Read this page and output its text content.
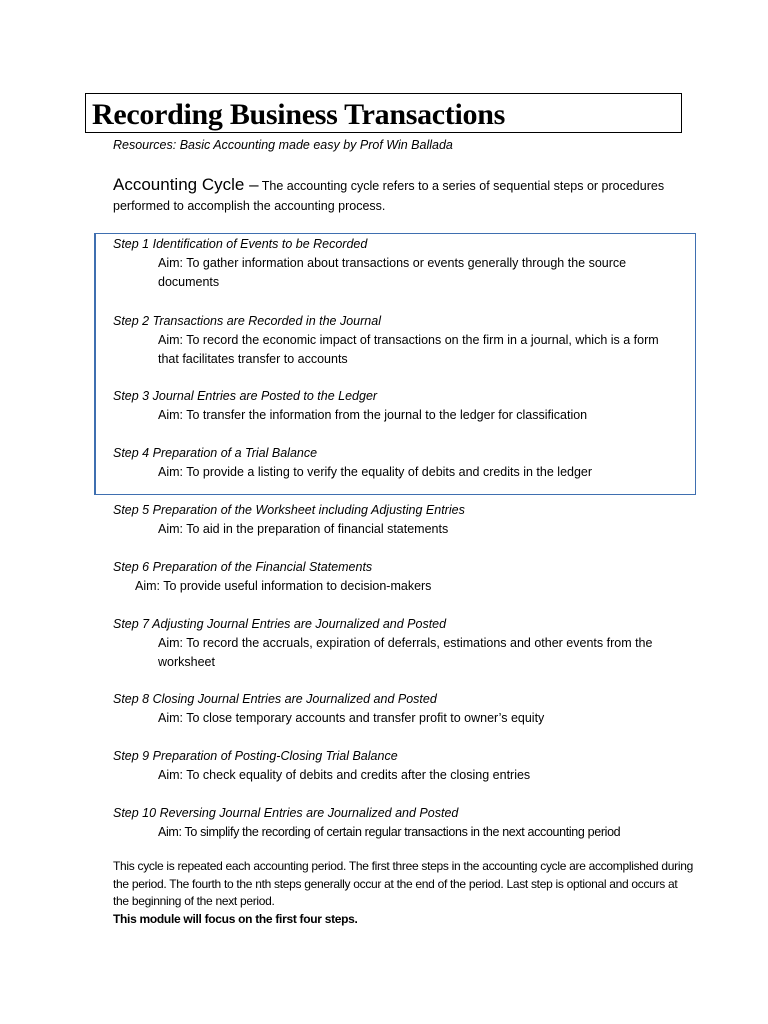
Recording Business Transactions
Resources: Basic Accounting made easy by Prof Win Ballada
Accounting Cycle – The accounting cycle refers to a series of sequential steps or procedures performed to accomplish the accounting process.
Step 1 Identification of Events to be Recorded
Aim: To gather information about transactions or events generally through the source documents
Step 2 Transactions are Recorded in the Journal
Aim: To record the economic impact of transactions on the firm in a journal, which is a form that facilitates transfer to accounts
Step 3 Journal Entries are Posted to the Ledger
Aim: To transfer the information from the journal to the ledger for classification
Step 4 Preparation of a Trial Balance
Aim: To provide a listing to verify the equality of debits and credits in the ledger
Step 5 Preparation of the Worksheet including Adjusting Entries
Aim: To aid in the preparation of financial statements
Step 6 Preparation of the Financial Statements
Aim: To provide useful information to decision-makers
Step 7 Adjusting Journal Entries are Journalized and Posted
Aim: To record the accruals, expiration of deferrals, estimations and other events from the worksheet
Step 8 Closing Journal Entries are Journalized and Posted
Aim: To close temporary accounts and transfer profit to owner’s equity
Step 9 Preparation of Posting-Closing Trial Balance
Aim: To check equality of debits and credits after the closing entries
Step 10 Reversing Journal Entries are Journalized and Posted
Aim: To simplify the recording of certain regular transactions in the next accounting period
This cycle is repeated each accounting period. The first three steps in the accounting cycle are accomplished during the period. The fourth to the nth steps generally occur at the end of the period. Last step is optional and occurs at the beginning of the next period.
This module will focus on the first four steps.
